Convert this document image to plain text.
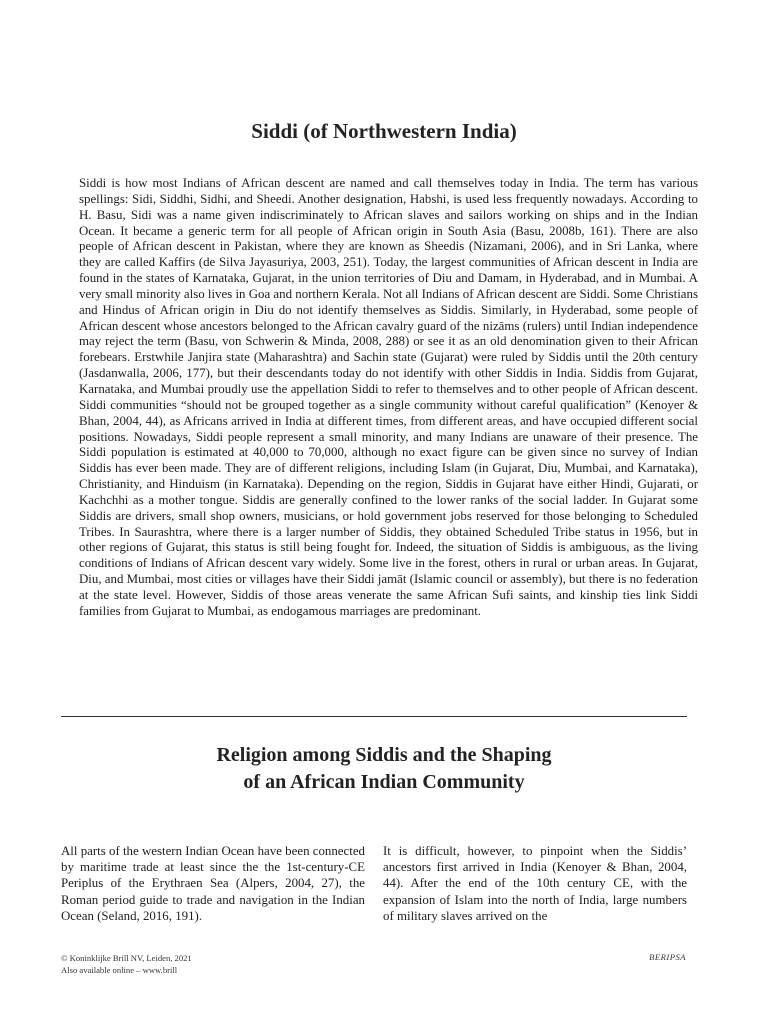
Siddi (of Northwestern India)

Siddi is how most Indians of African descent are named and call themselves today in India. The term has various spellings: Sidi, Siddhi, Sidhi, and Sheedi. Another designation, Habshi, is used less frequently nowadays. According to H. Basu, Sidi was a name given indiscriminately to African slaves and sailors working on ships and in the Indian Ocean. It became a generic term for all people of African origin in South Asia (Basu, 2008b, 161). There are also people of African descent in Pakistan, where they are known as Sheedis (Nizamani, 2006), and in Sri Lanka, where they are called Kaffirs (de Silva Jayasuriya, 2003, 251). Today, the largest communities of African descent in India are found in the states of Karnataka, Gujarat, in the union territories of Diu and Damam, in Hyderabad, and in Mumbai. A very small minority also lives in Goa and northern Kerala. Not all Indians of African descent are Siddi. Some Christians and Hindus of African origin in Diu do not identify themselves as Siddis. Similarly, in Hyderabad, some people of African descent whose ancestors belonged to the African cavalry guard of the nizāms (rulers) until Indian independence may reject the term (Basu, von Schwerin & Minda, 2008, 288) or see it as an old denomination given to their African forebears. Erstwhile Janjira state (Maharashtra) and Sachin state (Gujarat) were ruled by Siddis until the 20th century (Jasdanwalla, 2006, 177), but their descendants today do not identify with other Siddis in India. Siddis from Gujarat, Karnataka, and Mumbai proudly use the appellation Siddi to refer to themselves and to other people of African descent. Siddi communities “should not be grouped together as a single community without careful qualification” (Kenoyer & Bhan, 2004, 44), as Africans arrived in India at different times, from different areas, and have occupied different social positions. Nowadays, Siddi people represent a small minority, and many Indians are unaware of their presence. The Siddi population is estimated at 40,000 to 70,000, although no exact figure can be given since no survey of Indian Siddis has ever been made. They are of different religions, including Islam (in Gujarat, Diu, Mumbai, and Karnataka), Christianity, and Hinduism (in Karnataka). Depending on the region, Siddis in Gujarat have either Hindi, Gujarati, or Kachchhi as a mother tongue. Siddis are generally confined to the lower ranks of the social ladder. In Gujarat some Siddis are drivers, small shop owners, musicians, or hold government jobs reserved for those belonging to Scheduled Tribes. In Saurashtra, where there is a larger number of Siddis, they obtained Scheduled Tribe status in 1956, but in other regions of Gujarat, this status is still being fought for. Indeed, the situation of Siddis is ambiguous, as the living conditions of Indians of African descent vary widely. Some live in the forest, others in rural or urban areas. In Gujarat, Diu, and Mumbai, most cities or villages have their Siddi jamāt (Islamic council or assembly), but there is no federation at the state level. However, Siddis of those areas venerate the same African Sufi saints, and kinship ties link Siddi families from Gujarat to Mumbai, as endogamous marriages are predominant.

Religion among Siddis and the Shaping
of an African Indian Community

All parts of the western Indian Ocean have been connected by maritime trade at least since the the 1st-century-CE Periplus of the Erythraen Sea (Alpers, 2004, 27), the Roman period guide to trade and navigation in the Indian Ocean (Seland, 2016, 191).

It is difficult, however, to pinpoint when the Siddis’ ancestors first arrived in India (Kenoyer & Bhan, 2004, 44). After the end of the 10th century CE, with the expansion of Islam into the north of India, large numbers of military slaves arrived on the

© Koninklijke Brill NV, Leiden, 2021
Also available online – www.brill
BERIPSA
